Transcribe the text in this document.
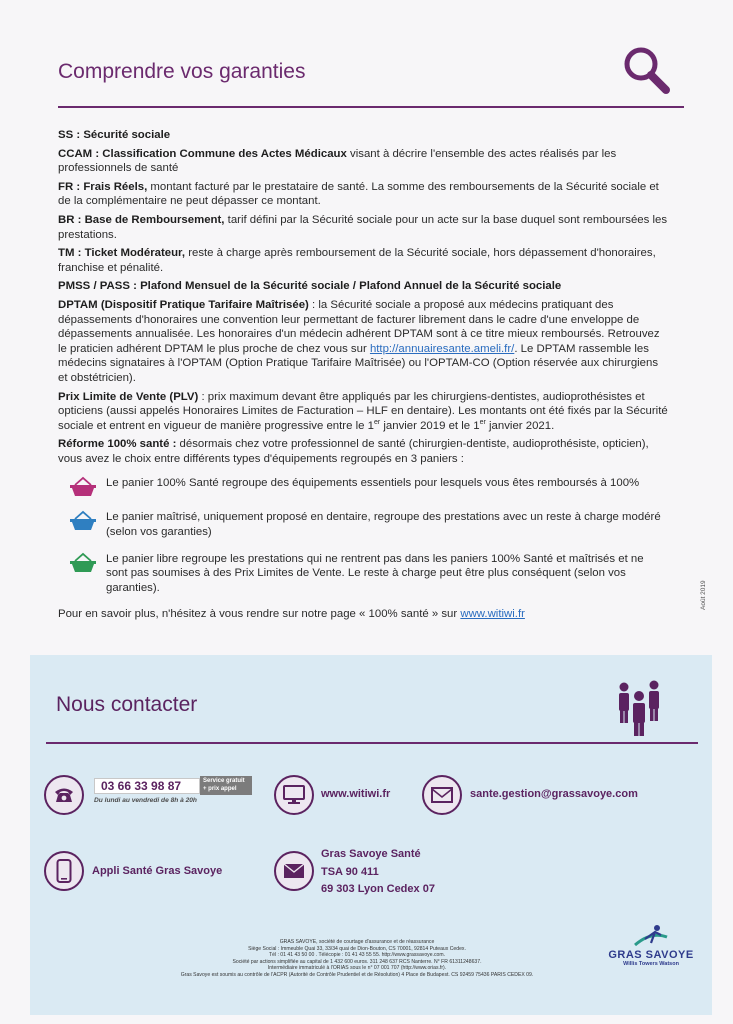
Comprendre vos garanties
SS : Sécurité sociale
CCAM : Classification Commune des Actes Médicaux visant à décrire l'ensemble des actes réalisés par les professionnels de santé
FR : Frais Réels, montant facturé par le prestataire de santé. La somme des remboursements de la Sécurité sociale et de la complémentaire ne peut dépasser ce montant.
BR : Base de Remboursement, tarif défini par la Sécurité sociale pour un acte sur la base duquel sont remboursées les prestations.
TM : Ticket Modérateur, reste à charge après remboursement de la Sécurité sociale, hors dépassement d'honoraires, franchise et pénalité.
PMSS / PASS : Plafond Mensuel de la Sécurité sociale / Plafond Annuel de la Sécurité sociale
DPTAM (Dispositif Pratique Tarifaire Maîtrisée) : la Sécurité sociale a proposé aux médecins pratiquant des dépassements d'honoraires une convention leur permettant de facturer librement dans le cadre d'une enveloppe de dépassements annualisée. Les honoraires d'un médecin adhérent DPTAM sont à ce titre mieux remboursés. Retrouvez le praticien adhérent DPTAM le plus proche de chez vous sur http://annuairesante.ameli.fr/. Le DPTAM rassemble les médecins signataires à l'OPTAM (Option Pratique Tarifaire Maîtrisée) ou l'OPTAM-CO (Option réservée aux chirurgiens et obstétricien).
Prix Limite de Vente (PLV) : prix maximum devant être appliqués par les chirurgiens-dentistes, audioprothésistes et opticiens (aussi appelés Honoraires Limites de Facturation – HLF en dentaire). Les montants ont été fixés par la Sécurité sociale et entrent en vigueur de manière progressive entre le 1er janvier 2019 et le 1er janvier 2021.
Réforme 100% santé : désormais chez votre professionnel de santé (chirurgien-dentiste, audioprothésiste, opticien), vous avez le choix entre différents types d'équipements regroupés en 3 paniers :
Le panier 100% Santé regroupe des équipements essentiels pour lesquels vous êtes remboursés à 100%
Le panier maîtrisé, uniquement proposé en dentaire, regroupe des prestations avec un reste à charge modéré (selon vos garanties)
Le panier libre regroupe les prestations qui ne rentrent pas dans les paniers 100% Santé et maîtrisés et ne sont pas soumises à des Prix Limites de Vente. Le reste à charge peut être plus conséquent (selon vos garanties).
Pour en savoir plus, n'hésitez à vous rendre sur notre page « 100% santé » sur www.witiwi.fr
Août 2019
Nous contacter
03 66 33 98 87	Service gratuit + prix appel
Du lundi au vendredi de 8h à 20h
www.witiwi.fr	sante.gestion@grassavoye.com
Appli Santé Gras Savoye
Gras Savoye Santé
TSA 90 411
69 303 Lyon Cedex 07
GRAS SAVOYE, société de courtage d'assurance et de réassurance
Siège Social : Immeuble Quai 33, 33/34 quai de Dion-Bouton, CS 70001, 92814 Puteaux Cedex.
Tél : 01 41 43 50 00 . Télécopie : 01 41 43 55 55. http://www.grassavoye.com.
Société par actions simplifiée au capital de 1 432 600 euros. 311 248 637 RCS Nanterre. N° FR 61311248637.
Intermédiaire immatriculé à l'ORIAS sous le n° 07 001 707 (http://www.orias.fr).
Gras Savoye est soumis au contrôle de l'ACPR (Autorité de Contrôle Prudentiel et de Résolution) 4 Place de Budapest. CS 92459 75436 PARIS CEDEX 09.
GRAS SAVOYE
Willis Towers Watson
